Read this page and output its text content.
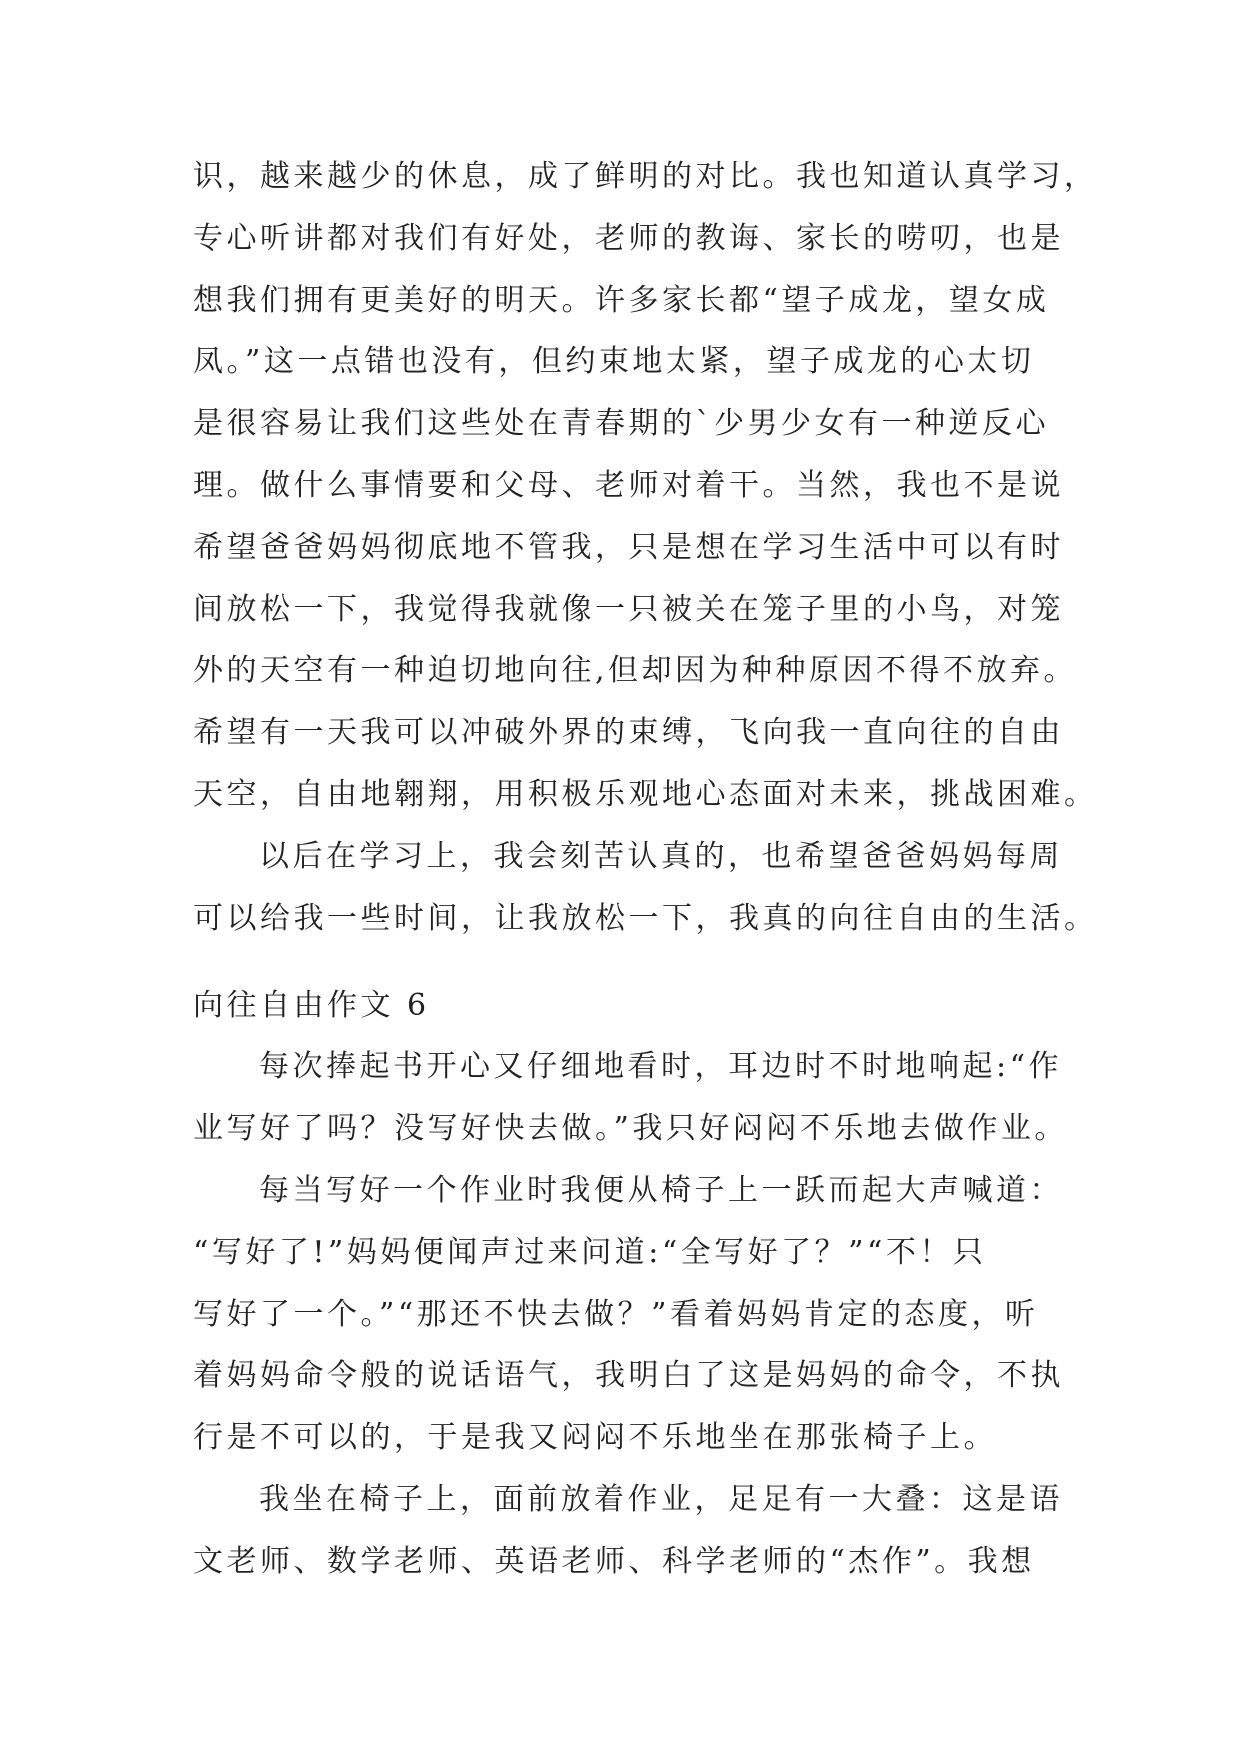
识，越来越少的休息，成了鲜明的对比。我也知道认真学习，
专心听讲都对我们有好处，老师的教诲、家长的唠叨，也是
想我们拥有更美好的明天。许多家长都“望子成龙，望女成
凤。”这一点错也没有，但约束地太紧，望子成龙的心太切
是很容易让我们这些处在青春期的`少男少女有一种逆反心
理。做什么事情要和父母、老师对着干。当然，我也不是说
希望爸爸妈妈彻底地不管我，只是想在学习生活中可以有时
间放松一下，我觉得我就像一只被关在笼子里的小鸟，对笼
外的天空有一种迫切地向往,但却因为种种原因不得不放弃。
希望有一天我可以冲破外界的束缚，飞向我一直向往的自由
天空，自由地翱翔，用积极乐观地心态面对未来，挑战困难。
以后在学习上，我会刻苦认真的，也希望爸爸妈妈每周
可以给我一些时间，让我放松一下，我真的向往自由的生活。
向往自由作文 6
每次捧起书开心又仔细地看时，耳边时不时地响起:“作
业写好了吗？没写好快去做。”我只好闷闷不乐地去做作业。
每当写好一个作业时我便从椅子上一跃而起大声喊道：
“写好了!”妈妈便闻声过来问道:“全写好了？”“不！只
写好了一个。”“那还不快去做？”看着妈妈肯定的态度，听
着妈妈命令般的说话语气，我明白了这是妈妈的命令，不执
行是不可以的，于是我又闷闷不乐地坐在那张椅子上。
我坐在椅子上，面前放着作业，足足有一大叠：这是语
文老师、数学老师、英语老师、科学老师的“杰作”。我想
